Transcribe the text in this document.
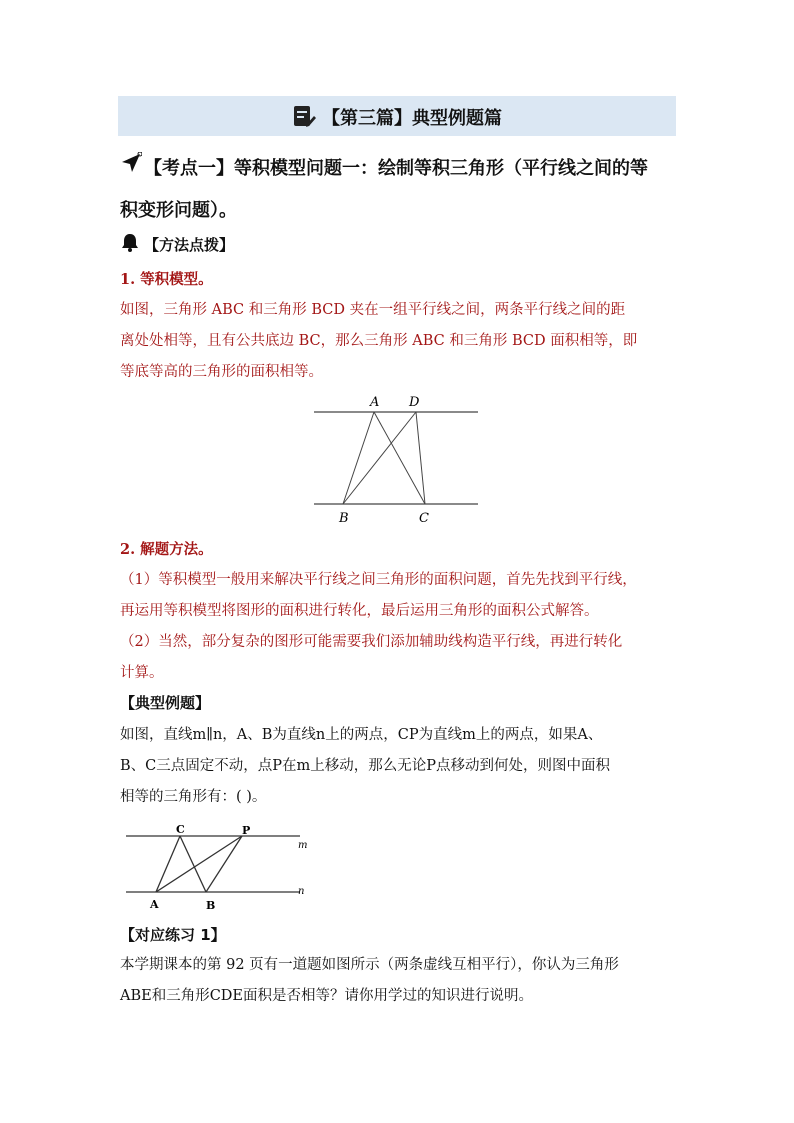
【第三篇】典型例题篇
【考点一】等积模型问题一：绘制等积三角形（平行线之间的等
积变形问题）。
【方法点拨】
1. 等积模型。
如图，三角形 ABC 和三角形 BCD 夹在一组平行线之间，两条平行线之间的距
离处处相等，且有公共底边 BC，那么三角形 ABC 和三角形 BCD 面积相等，即
等底等高的三角形的面积相等。
A D
B	C
2. 解题方法。
（1）等积模型一般用来解决平行线之间三角形的面积问题，首先先找到平行线，
再运用等积模型将图形的面积进行转化，最后运用三角形的面积公式解答。
（2）当然，部分复杂的图形可能需要我们添加辅助线构造平行线，再进行转化
计算。
【典型例题】
如图，直线m∥n，A、B为直线n上的两点，CP为直线m上的两点，如果A、
B、C三点固定不动，点P在m上移动，那么无论P点移动到何处，则图中面积
相等的三角形有：( )。
C	P
A	B
m
n
【对应练习 1】
本学期课本的第 92 页有一道题如图所示（两条虚线互相平行），你认为三角形
ABE和三角形CDE面积是否相等？请你用学过的知识进行说明。
